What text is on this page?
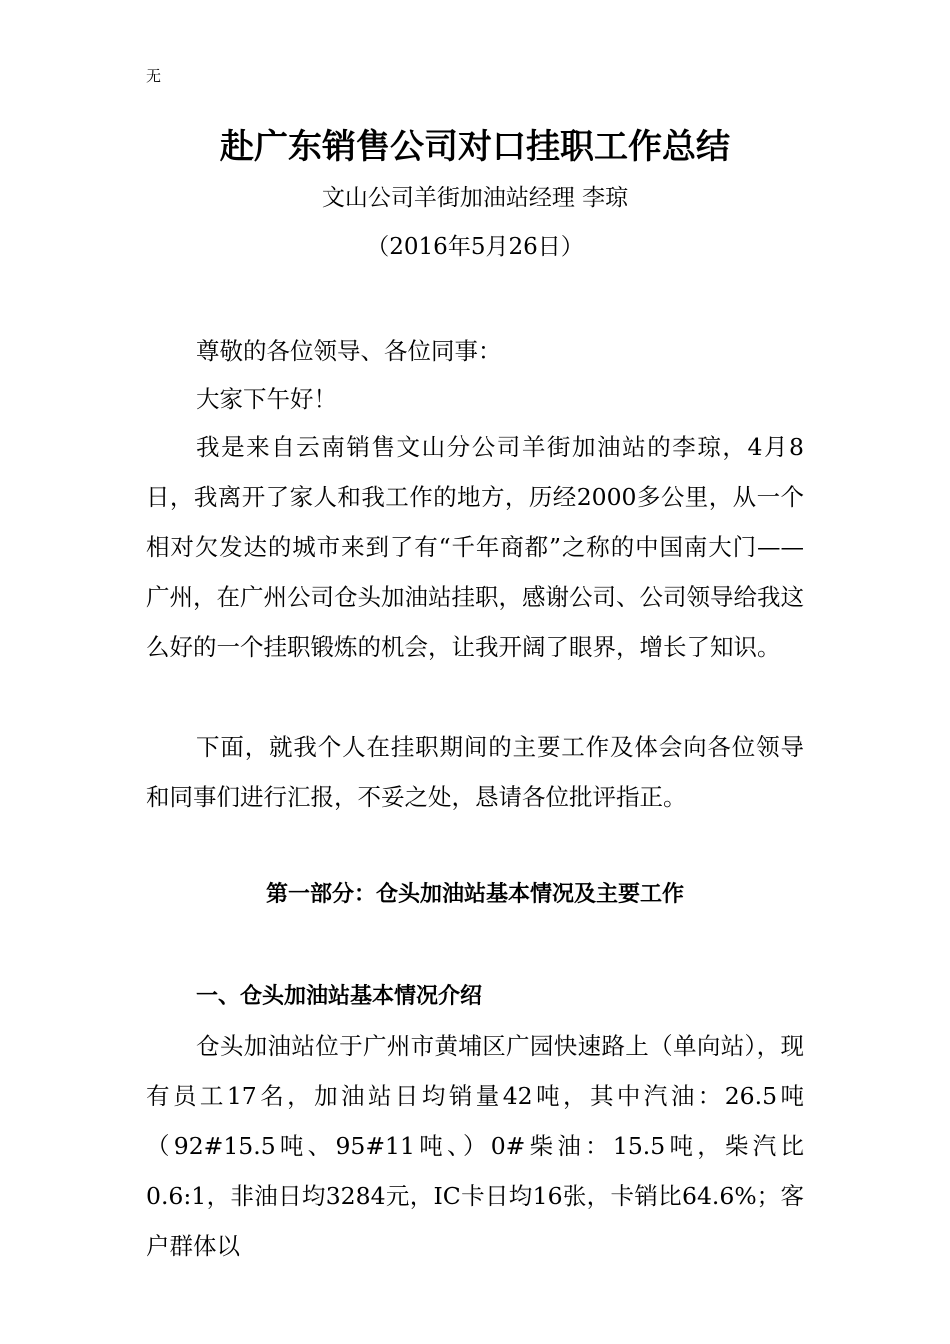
无
赴广东销售公司对口挂职工作总结
文山公司羊街加油站经理 李琼
（2016年5月26日）

尊敬的各位领导、各位同事：

大家下午好！

我是来自云南销售文山分公司羊街加油站的李琼，4月8日，我离开了家人和我工作的地方，历经2000多公里，从一个相对欠发达的城市来到了有“千年商都”之称的中国南大门——广州，在广州公司仓头加油站挂职，感谢公司、公司领导给我这么好的一个挂职锻炼的机会，让我开阔了眼界，增长了知识。

下面，就我个人在挂职期间的主要工作及体会向各位领导和同事们进行汇报，不妥之处，恳请各位批评指正。

第一部分：仓头加油站基本情况及主要工作
一、仓头加油站基本情况介绍

仓头加油站位于广州市黄埔区广园快速路上（单向站），现有员工17名，加油站日均销量42吨，其中汽油：26.5吨（92#15.5吨、95#11吨、）0#柴油：15.5吨，柴汽比0.6:1，非油日均3284元，IC卡日均16张，卡销比64.6%；客户群体以
